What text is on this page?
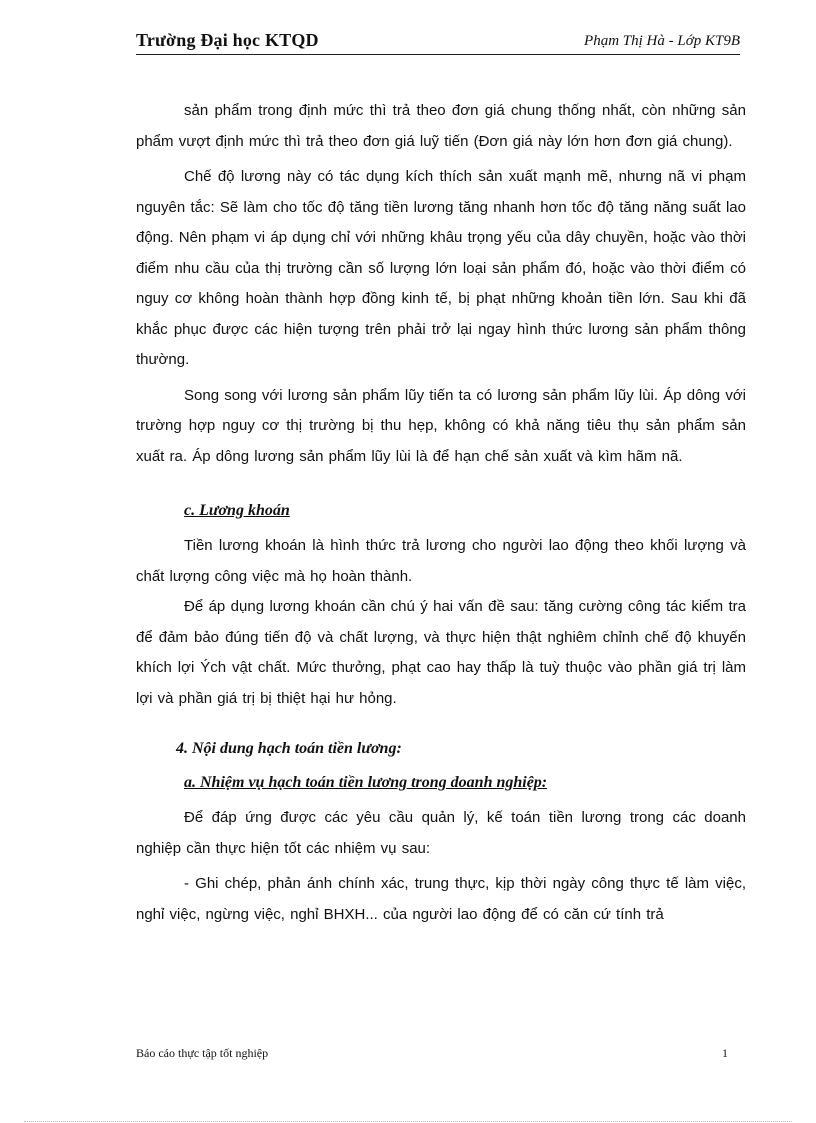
Trường Đại học KTQD	Phạm Thị Hà - Lớp KT9B

sản phẩm trong định mức thì trả theo đơn giá chung thống nhất, còn những sản phẩm vượt định mức thì trả theo đơn giá luỹ tiến (Đơn giá này lớn hơn đơn giá chung).

Chế độ lương này có tác dụng kích thích sản xuất mạnh mẽ, nhưng nã vi phạm nguyên tắc: Sẽ làm cho tốc độ tăng tiền lương tăng nhanh hơn tốc độ tăng năng suất lao động. Nên phạm vi áp dụng chỉ với những khâu trọng yếu của dây chuyền, hoặc vào thời điểm nhu cầu của thị trường cần số lượng lớn loại sản phẩm đó, hoặc vào thời điểm có nguy cơ không hoàn thành hợp đồng kinh tế, bị phạt những khoản tiền lớn. Sau khi đã khắc phục được các hiện tượng trên phải trở lại ngay hình thức lương sản phẩm thông thường.

Song song với lương sản phẩm lũy tiến ta có lương sản phẩm lũy lùi. Áp dông với trường hợp nguy cơ thị trường bị thu hẹp, không có khả năng tiêu thụ sản phẩm sản xuất ra. Áp dông lương sản phẩm lũy lùi là để hạn chế sản xuất và kìm hãm nã.

c. Lương khoán

Tiền lương khoán là hình thức trả lương cho người lao động theo khối lượng và chất lượng công việc mà họ hoàn thành.

Để áp dụng lương khoán cần chú ý hai vấn đề sau: tăng cường công tác kiểm tra để đảm bảo đúng tiến độ và chất lượng, và thực hiện thật nghiêm chỉnh chế độ khuyến khích lợi Ých vật chất. Mức thưởng, phạt cao hay thấp là tuỳ thuộc vào phần giá trị làm lợi và phần giá trị bị thiệt hại hư hỏng.

4. Nội dung hạch toán tiền lương:

a. Nhiệm vụ hạch toán tiền lương trong doanh nghiệp:

Để đáp ứng được các yêu cầu quản lý, kế toán tiền lương trong các doanh nghiệp cần thực hiện tốt các nhiệm vụ sau:

- Ghi chép, phản ánh chính xác, trung thực, kịp thời ngày công thực tế làm việc, nghỉ việc, ngừng việc, nghỉ BHXH... của người lao động để có căn cứ tính trả

Báo cáo thực tập tốt nghiệp	1
